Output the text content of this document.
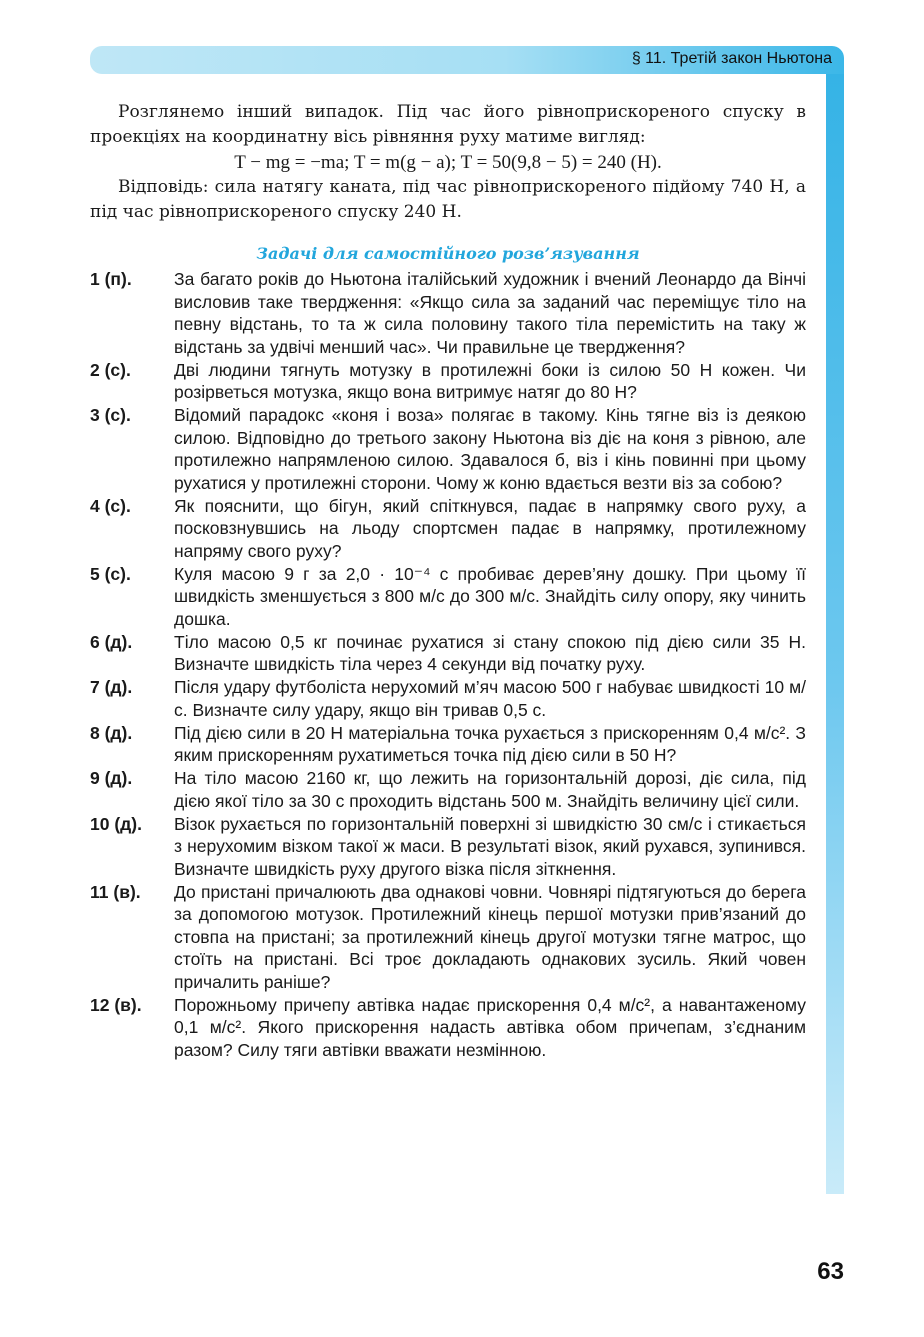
§ 11. Третій закон Ньютона

Розглянемо інший випадок. Під час його рівноприскореного спуску в проекціях на координатну вісь рівняння руху матиме вигляд:

T − mg = −ma; T = m(g − a); T = 50(9,8 − 5) = 240 (Н).

Відповідь: сила натягу каната, під час рівноприскореного підйому 740 Н, а під час рівноприскореного спуску 240 Н.

Задачі для самостійного розв’язування
1 (п).	За багато років до Ньютона італійський художник і вчений Леонардо да Вінчі висловив таке твердження: «Якщо сила за заданий час переміщує тіло на певну відстань, то та ж сила половину такого тіла перемістить на таку ж відстань за удвічі менший час». Чи правильне це твердження?
2 (с).	Дві людини тягнуть мотузку в протилежні боки із силою 50 Н кожен. Чи розірветься мотузка, якщо вона витримує натяг до 80 Н?
3 (с).	Відомий парадокс «коня і воза» полягає в такому. Кінь тягне віз із деякою силою. Відповідно до третього закону Ньютона віз діє на коня з рівною, але протилежно напрямленою силою. Здавалося б, віз і кінь повинні при цьому рухатися у протилежні сторони. Чому ж коню вдається везти віз за собою?
4 (с).	Як пояснити, що бігун, який спіткнувся, падає в напрямку свого руху, а посковзнувшись на льоду спортсмен падає в напрямку, протилежному напряму свого руху?
5 (с).	Куля масою 9 г за 2,0 · 10⁻⁴ с пробиває дерев’яну дошку. При цьому її швидкість зменшується з 800 м/с до 300 м/с. Знайдіть силу опору, яку чинить дошка.
6 (д).	Тіло масою 0,5 кг починає рухатися зі стану спокою під дією сили 35 Н. Визначте швидкість тіла через 4 секунди від початку руху.
7 (д).	Після удару футболіста нерухомий м’яч масою 500 г набуває швидкості 10 м/с. Визначте силу удару, якщо він тривав 0,5 с.
8 (д).	Під дією сили в 20 Н матеріальна точка рухається з прискоренням 0,4 м/с². З яким прискоренням рухатиметься точка під дією сили в 50 Н?
9 (д).	На тіло масою 2160 кг, що лежить на горизонтальній дорозі, діє сила, під дією якої тіло за 30 с проходить відстань 500 м. Знайдіть величину цієї сили.
10 (д).	Візок рухається по горизонтальній поверхні зі швидкістю 30 см/с і стикається з нерухомим візком такої ж маси. В результаті візок, який рухався, зупинився. Визначте швидкість руху другого візка після зіткнення.
11 (в).	До пристані причалюють два однакові човни. Човнярі підтягуються до берега за допомогою мотузок. Протилежний кінець першої мотузки прив’язаний до стовпа на пристані; за протилежний кінець другої мотузки тягне матрос, що стоїть на пристані. Всі троє докладають однакових зусиль. Який човен причалить раніше?
12 (в).	Порожньому причепу автівка надає прискорення 0,4 м/с², а навантаженому 0,1 м/с². Якого прискорення надасть автівка обом причепам, з’єднаним разом? Силу тяги автівки вважати незмінною.
63
